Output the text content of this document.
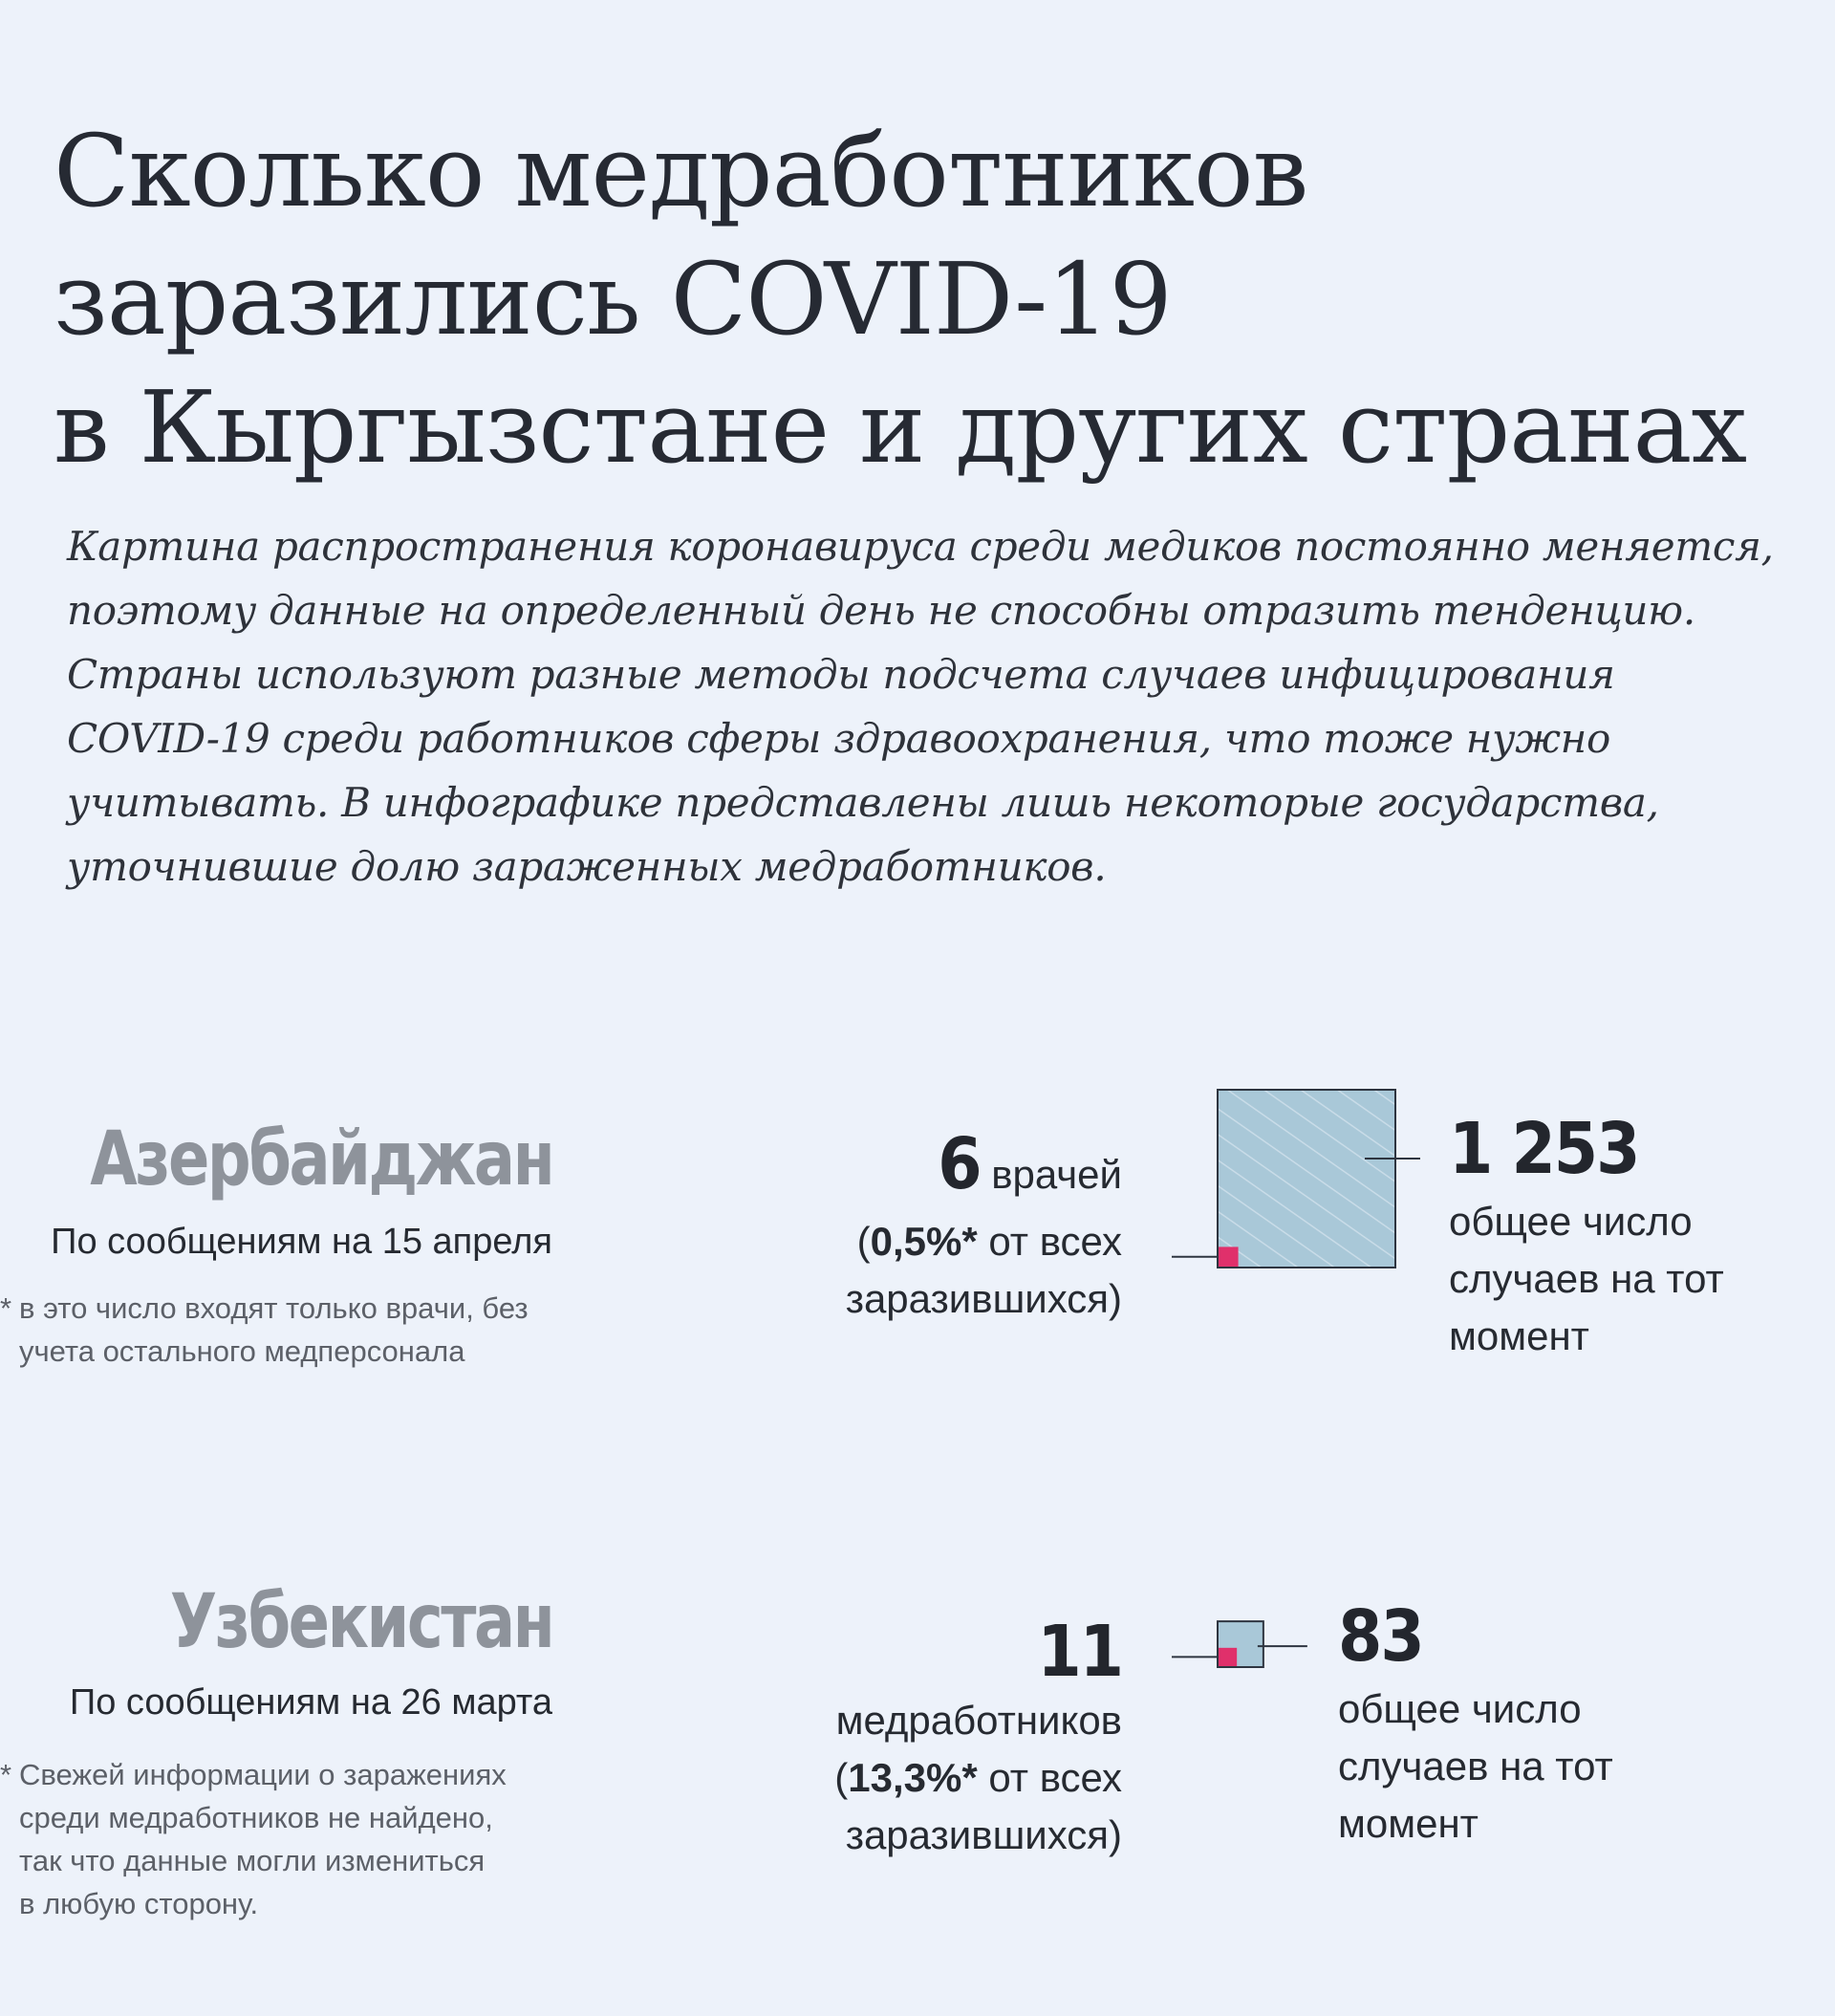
Сколько медработников
заразились COVID-19
в Кыргызстане и других странах
Картина распространения коронавируса среди медиков постоянно меняется,
поэтому данные на определенный день не способны отразить тенденцию.
Страны используют разные методы подсчета случаев инфицирования
COVID-19 среди работников сферы здравоохранения, что тоже нужно
учитывать. В инфографике представлены лишь некоторые государства,
уточнившие долю зараженных медработников.
Азербайджан
По сообщениям на 15 апреля
* в это число входят только врачи, без
учета остального медперсонала
6 врачей
(0,5%* от всех
заразившихся)
1 253
общее число
случаев на тот
момент
Узбекистан
По сообщениям на 26 марта
* Свежей информации о заражениях
среди медработников не найдено,
так что данные могли измениться
в любую сторону.
11
медработников
(13,3%* от всех
заразившихся)
83
общее число
случаев на тот
момент
